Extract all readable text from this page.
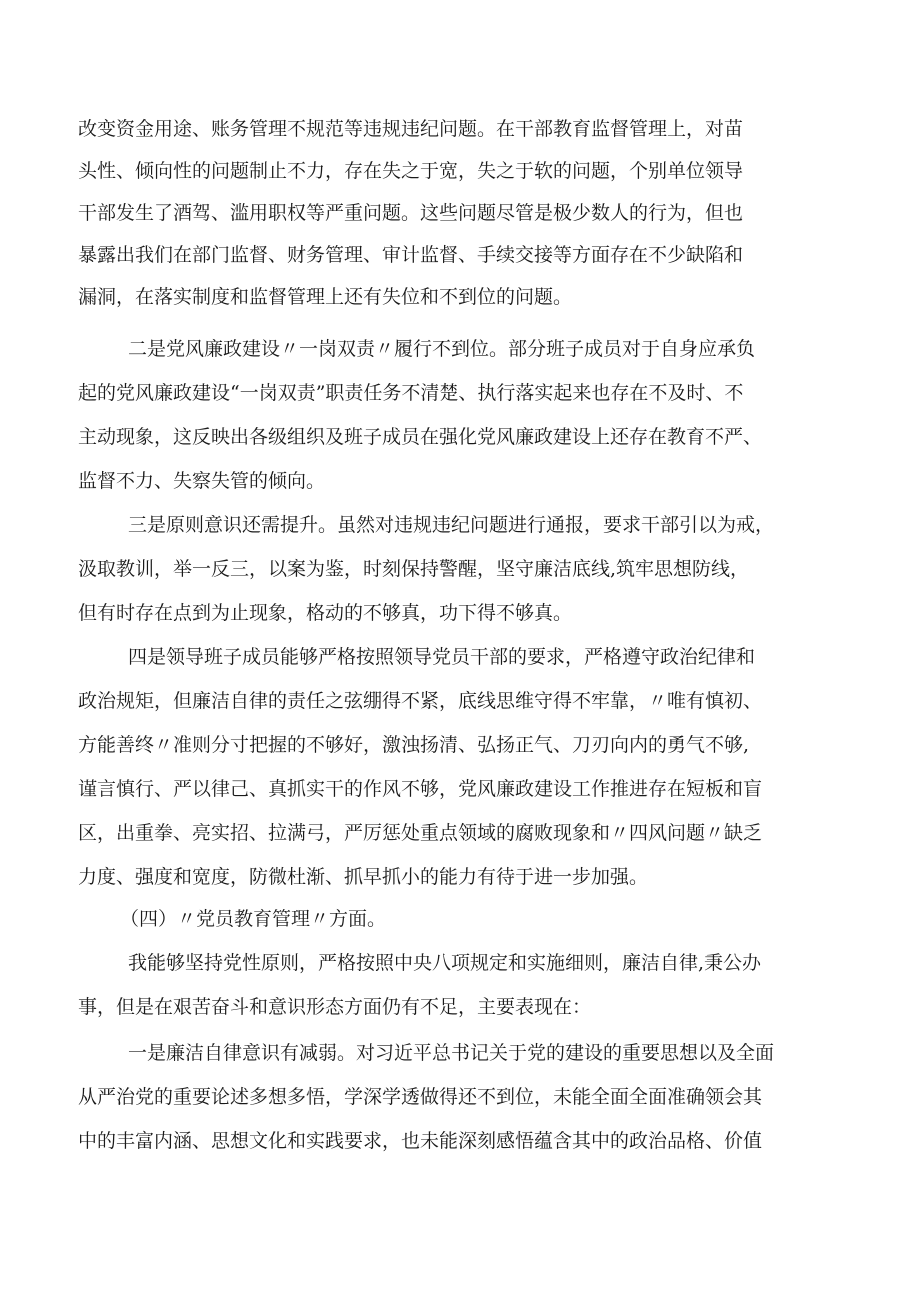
改变资金用途、账务管理不规范等违规违纪问题。在干部教育监督管理上，对苗
头性、倾向性的问题制止不力，存在失之于宽，失之于软的问题，个别单位领导
干部发生了酒驾、滥用职权等严重问题。这些问题尽管是极少数人的行为，但也
暴露出我们在部门监督、财务管理、审计监督、手续交接等方面存在不少缺陷和
漏洞，在落实制度和监督管理上还有失位和不到位的问题。
二是党风廉政建设〃一岗双责〃履行不到位。部分班子成员对于自身应承负
起的党风廉政建设“一岗双责”职责任务不清楚、执行落实起来也存在不及时、不
主动现象，这反映出各级组织及班子成员在强化党风廉政建设上还存在教育不严、
监督不力、失察失管的倾向。
三是原则意识还需提升。虽然对违规违纪问题进行通报，要求干部引以为戒，
汲取教训，举一反三，以案为鉴，时刻保持警醒，坚守廉洁底线,筑牢思想防线，
但有时存在点到为止现象，格动的不够真，功下得不够真。
四是领导班子成员能够严格按照领导党员干部的要求，严格遵守政治纪律和
政治规矩，但廉洁自律的责任之弦绷得不紧，底线思维守得不牢靠，〃唯有慎初、
方能善终〃准则分寸把握的不够好，激浊扬清、弘扬正气、刀刃向内的勇气不够,
谨言慎行、严以律己、真抓实干的作风不够，党风廉政建设工作推进存在短板和盲
区，出重拳、亮实招、拉满弓，严厉惩处重点领域的腐败现象和〃四风问题〃缺乏
力度、强度和宽度，防微杜渐、抓早抓小的能力有待于进一步加强。
（四）〃党员教育管理〃方面。
我能够坚持党性原则，严格按照中央八项规定和实施细则，廉洁自律,秉公办
事，但是在艰苦奋斗和意识形态方面仍有不足，主要表现在：
一是廉洁自律意识有减弱。对习近平总书记关于党的建设的重要思想以及全面
从严治党的重要论述多想多悟，学深学透做得还不到位，未能全面全面准确领会其
中的丰富内涵、思想文化和实践要求，也未能深刻感悟蕴含其中的政治品格、价值
